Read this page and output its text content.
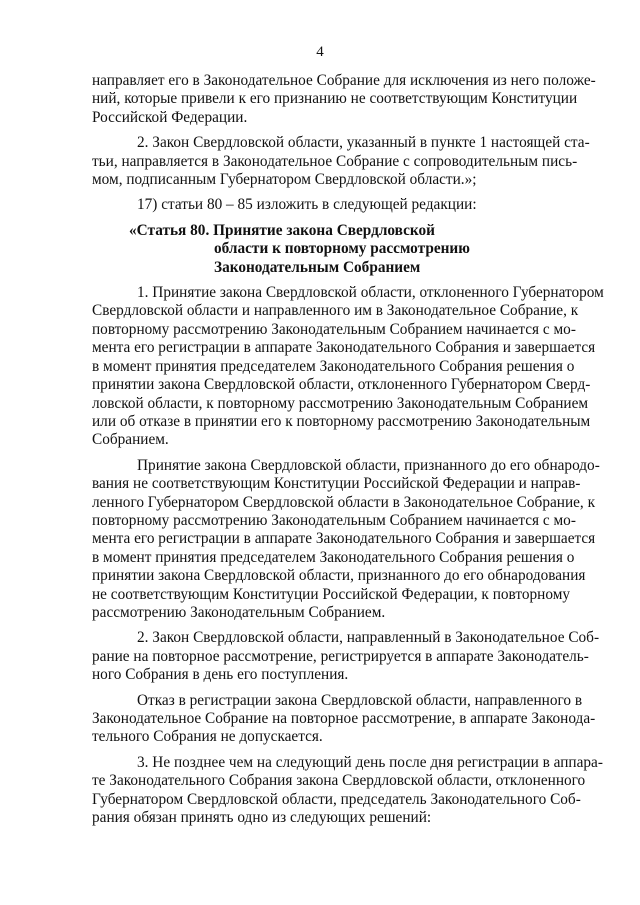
4
направляет его в Законодательное Собрание для исключения из него положе-
ний, которые привели к его признанию не соответствующим Конституции
Российской Федерации.
2. Закон Свердловской области, указанный в пункте 1 настоящей ста-
тьи, направляется в Законодательное Собрание с сопроводительным пись-
мом, подписанным Губернатором Свердловской области.»;
17) статьи 80 – 85 изложить в следующей редакции:
«Статья 80. Принятие закона Свердловской
области к повторному рассмотрению
Законодательным Собранием
1. Принятие закона Свердловской области, отклоненного Губернатором
Свердловской области и направленного им в Законодательное Собрание, к
повторному рассмотрению Законодательным Собранием начинается с мо-
мента его регистрации в аппарате Законодательного Собрания и завершается
в момент принятия председателем Законодательного Собрания решения о
принятии закона Свердловской области, отклоненного Губернатором Сверд-
ловской области, к повторному рассмотрению Законодательным Собранием
или об отказе в принятии его к повторному рассмотрению Законодательным
Собранием.
Принятие закона Свердловской области, признанного до его обнародо-
вания не соответствующим Конституции Российской Федерации и направ-
ленного Губернатором Свердловской области в Законодательное Собрание, к
повторному рассмотрению Законодательным Собранием начинается с мо-
мента его регистрации в аппарате Законодательного Собрания и завершается
в момент принятия председателем Законодательного Собрания решения о
принятии закона Свердловской области, признанного до его обнародования
не соответствующим Конституции Российской Федерации, к повторному
рассмотрению Законодательным Собранием.
2. Закон Свердловской области, направленный в Законодательное Соб-
рание на повторное рассмотрение, регистрируется в аппарате Законодатель-
ного Собрания в день его поступления.
Отказ в регистрации закона Свердловской области, направленного в
Законодательное Собрание на повторное рассмотрение, в аппарате Законода-
тельного Собрания не допускается.
3. Не позднее чем на следующий день после дня регистрации в аппара-
те Законодательного Собрания закона Свердловской области, отклоненного
Губернатором Свердловской области, председатель Законодательного Соб-
рания обязан принять одно из следующих решений:
